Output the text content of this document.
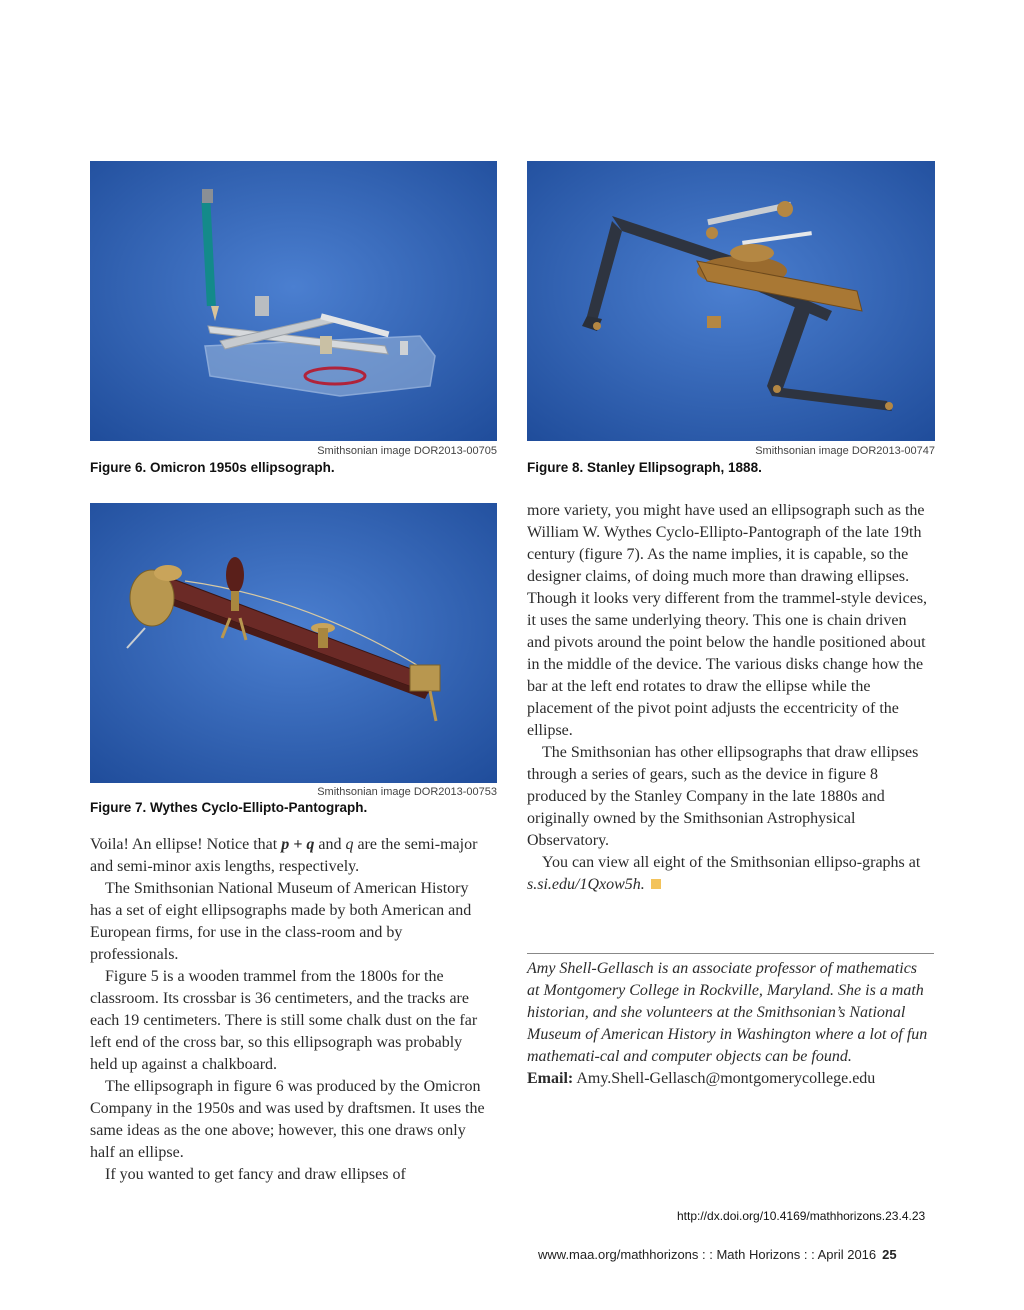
Smithsonian image DOR2013-00705
Figure 6. Omicron 1950s ellipsograph.
Smithsonian image DOR2013-00747
Figure 8. Stanley Ellipsograph, 1888.
Smithsonian image DOR2013-00753
Figure 7. Wythes Cyclo-Ellipto-Pantograph.

Voila! An ellipse! Notice that p + q and q are the semi-major and semi-minor axis lengths, respectively.

The Smithsonian National Museum of American History has a set of eight ellipsographs made by both American and European firms, for use in the class-room and by professionals.

Figure 5 is a wooden trammel from the 1800s for the classroom. Its crossbar is 36 centimeters, and the tracks are each 19 centimeters. There is still some chalk dust on the far left end of the cross bar, so this ellipsograph was probably held up against a chalkboard.

The ellipsograph in figure 6 was produced by the Omicron Company in the 1950s and was used by draftsmen. It uses the same ideas as the one above; however, this one draws only half an ellipse.

If you wanted to get fancy and draw ellipses of

more variety, you might have used an ellipsograph such as the William W. Wythes Cyclo-Ellipto-Pantograph of the late 19th century (figure 7). As the name implies, it is capable, so the designer claims, of doing much more than drawing ellipses. Though it looks very different from the trammel-style devices, it uses the same underlying theory. This one is chain driven and pivots around the point below the handle positioned about in the middle of the device. The various disks change how the bar at the left end rotates to draw the ellipse while the placement of the pivot point adjusts the eccentricity of the ellipse.

The Smithsonian has other ellipsographs that draw ellipses through a series of gears, such as the device in figure 8 produced by the Stanley Company in the late 1880s and originally owned by the Smithsonian Astrophysical Observatory.

You can view all eight of the Smithsonian ellipso-graphs at s.si.edu/1Qxow5h.

Amy Shell-Gellasch is an associate professor of mathematics at Montgomery College in Rockville, Maryland. She is a math historian, and she volunteers at the Smithsonian’s National Museum of American History in Washington where a lot of fun mathemati-cal and computer objects can be found.
Email: Amy.Shell-Gellasch@montgomerycollege.edu
http://dx.doi.org/10.4169/mathhorizons.23.4.23
www.maa.org/mathhorizons : : Math Horizons : : April 2016 25
